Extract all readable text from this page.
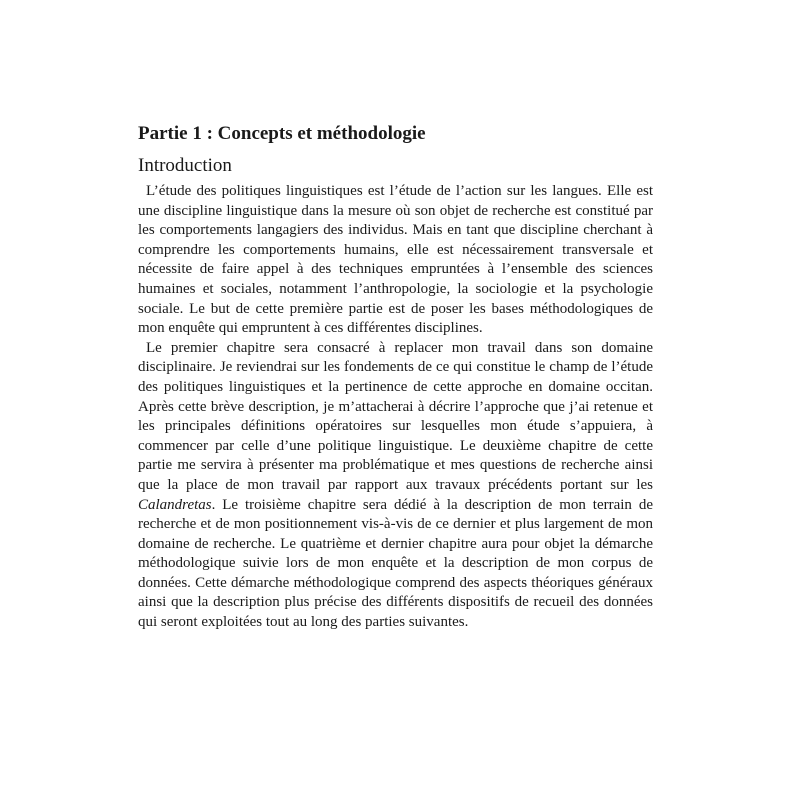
Partie 1 : Concepts et méthodologie
Introduction

L’étude des politiques linguistiques est l’étude de l’action sur les langues. Elle est une discipline linguistique dans la mesure où son objet de recherche est constitué par les comportements langagiers des individus. Mais en tant que discipline cherchant à comprendre les comportements humains, elle est nécessairement transversale et nécessite de faire appel à des techniques empruntées à l’ensemble des sciences humaines et sociales, notamment l’anthropologie, la sociologie et la psychologie sociale. Le but de cette première partie est de poser les bases méthodologiques de mon enquête qui empruntent à ces différentes disciplines.

Le premier chapitre sera consacré à replacer mon travail dans son domaine disciplinaire. Je reviendrai sur les fondements de ce qui constitue le champ de l’étude des politiques linguistiques et la pertinence de cette approche en domaine occitan. Après cette brève description, je m’attacherai à décrire l’approche que j’ai retenue et les principales définitions opératoires sur lesquelles mon étude s’appuiera, à commencer par celle d’une politique linguistique. Le deuxième chapitre de cette partie me servira à présenter ma problématique et mes questions de recherche ainsi que la place de mon travail par rapport aux travaux précédents portant sur les Calandretas. Le troisième chapitre sera dédié à la description de mon terrain de recherche et de mon positionnement vis-à-vis de ce dernier et plus largement de mon domaine de recherche. Le quatrième et dernier chapitre aura pour objet la démarche méthodologique suivie lors de mon enquête et la description de mon corpus de données. Cette démarche méthodologique comprend des aspects théoriques généraux ainsi que la description plus précise des différents dispositifs de recueil des données qui seront exploitées tout au long des parties suivantes.
